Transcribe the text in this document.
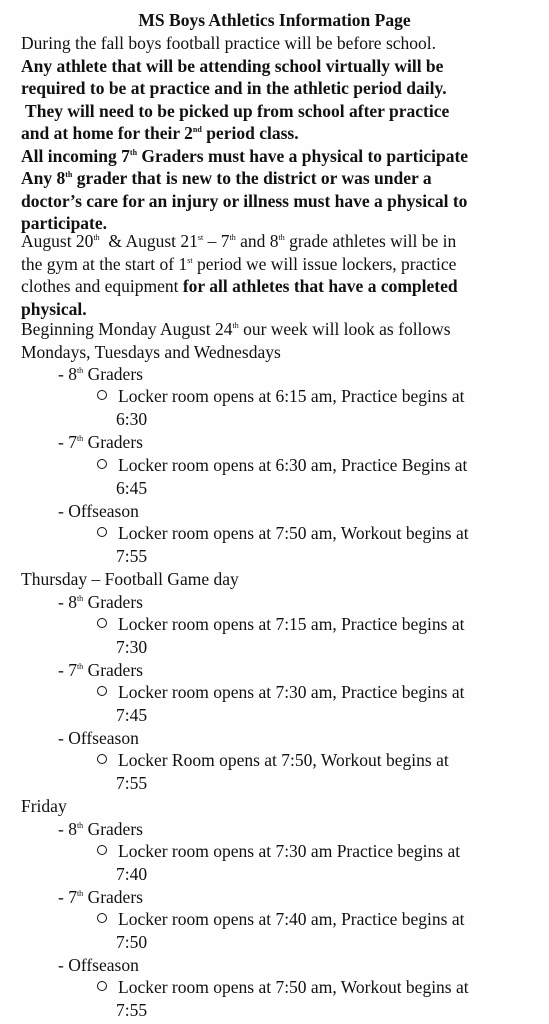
MS Boys Athletics Information Page
During the fall boys football practice will be before school.
Any athlete that will be attending school virtually will be
required to be at practice and in the athletic period daily.
They will need to be picked up from school after practice
and at home for their 2nd period class.
All incoming 7th Graders must have a physical to participate
Any 8th grader that is new to the district or was under a
doctor’s care for an injury or illness must have a physical to
participate.
August 20th  & August 21st – 7th and 8th grade athletes will be in
the gym at the start of 1st period we will issue lockers, practice
clothes and equipment for all athletes that have a completed
physical.
Beginning Monday August 24th our week will look as follows
Mondays, Tuesdays and Wednesdays
- 8th Graders
Locker room opens at 6:15 am, Practice begins at
6:30
- 7th Graders
Locker room opens at 6:30 am, Practice Begins at
6:45
- Offseason
Locker room opens at 7:50 am, Workout begins at
7:55
Thursday – Football Game day
- 8th Graders
Locker room opens at 7:15 am, Practice begins at
7:30
- 7th Graders
Locker room opens at 7:30 am, Practice begins at
7:45
- Offseason
Locker Room opens at 7:50, Workout begins at
7:55
Friday
- 8th Graders
Locker room opens at 7:30 am Practice begins at
7:40
- 7th Graders
Locker room opens at 7:40 am, Practice begins at
7:50
- Offseason
Locker room opens at 7:50 am, Workout begins at
7:55
